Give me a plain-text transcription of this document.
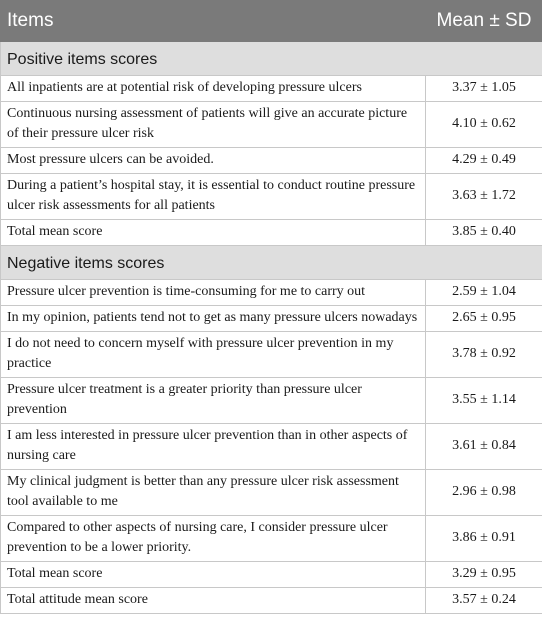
Items	Mean ± SD
Positive items scores	
All inpatients are at potential risk of developing pressure ulcers	3.37 ± 1.05
Continuous nursing assessment of patients will give an accurate picture of their pressure ulcer risk	4.10 ± 0.62
Most pressure ulcers can be avoided.	4.29 ± 0.49
During a patient’s hospital stay, it is essential to conduct routine pressure ulcer risk assessments for all patients	3.63 ± 1.72
Total mean score	3.85 ± 0.40
Negative items scores	
Pressure ulcer prevention is time-consuming for me to carry out	2.59 ± 1.04
In my opinion, patients tend not to get as many pressure ulcers nowadays	2.65 ± 0.95
I do not need to concern myself with pressure ulcer prevention in my practice	3.78 ± 0.92
Pressure ulcer treatment is a greater priority than pressure ulcer prevention	3.55 ± 1.14
I am less interested in pressure ulcer prevention than in other aspects of nursing care	3.61 ± 0.84
My clinical judgment is better than any pressure ulcer risk assessment tool available to me	2.96 ± 0.98
Compared to other aspects of nursing care, I consider pressure ulcer prevention to be a lower priority.	3.86 ± 0.91
Total mean score	3.29 ± 0.95
Total attitude mean score	3.57 ± 0.24
